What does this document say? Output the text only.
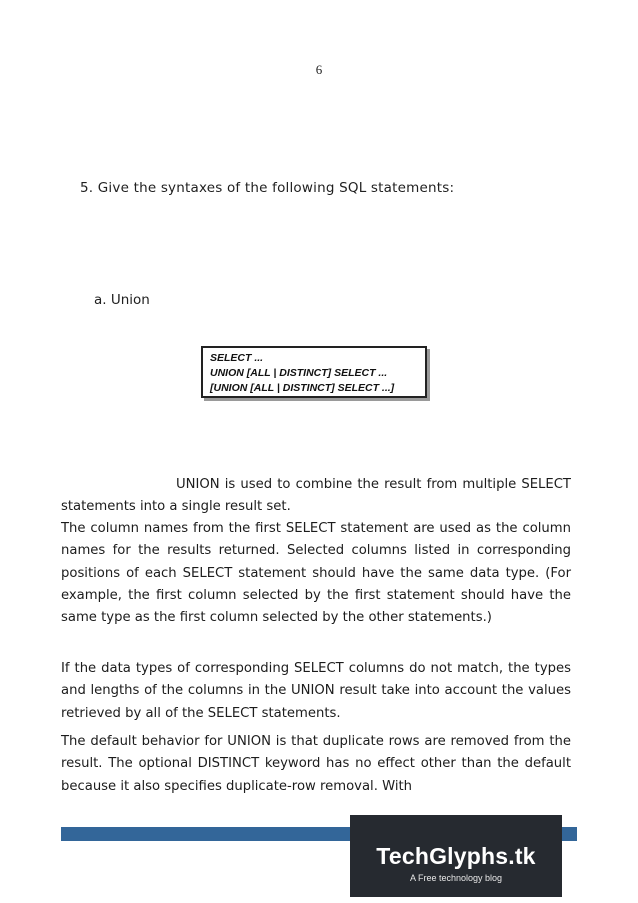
6
5. Give the syntaxes of the following SQL statements:
a. Union
SELECT ...
UNION [ALL | DISTINCT] SELECT ...
[UNION [ALL | DISTINCT] SELECT ...]

UNION is used to combine the result from multiple SELECT statements into a single result set.

The column names from the first SELECT statement are used as the column names for the results returned. Selected columns listed in corresponding positions of each SELECT statement should have the same data type. (For example, the first column selected by the first statement should have the same type as the first column selected by the other statements.)

If the data types of corresponding SELECT columns do not match, the types and lengths of the columns in the UNION result take into account the values retrieved by all of the SELECT statements.

The default behavior for UNION is that duplicate rows are removed from the result. The optional DISTINCT keyword has no effect other than the default because it also specifies duplicate-row removal. With

TechGlyphs.tk
A Free technology blog
